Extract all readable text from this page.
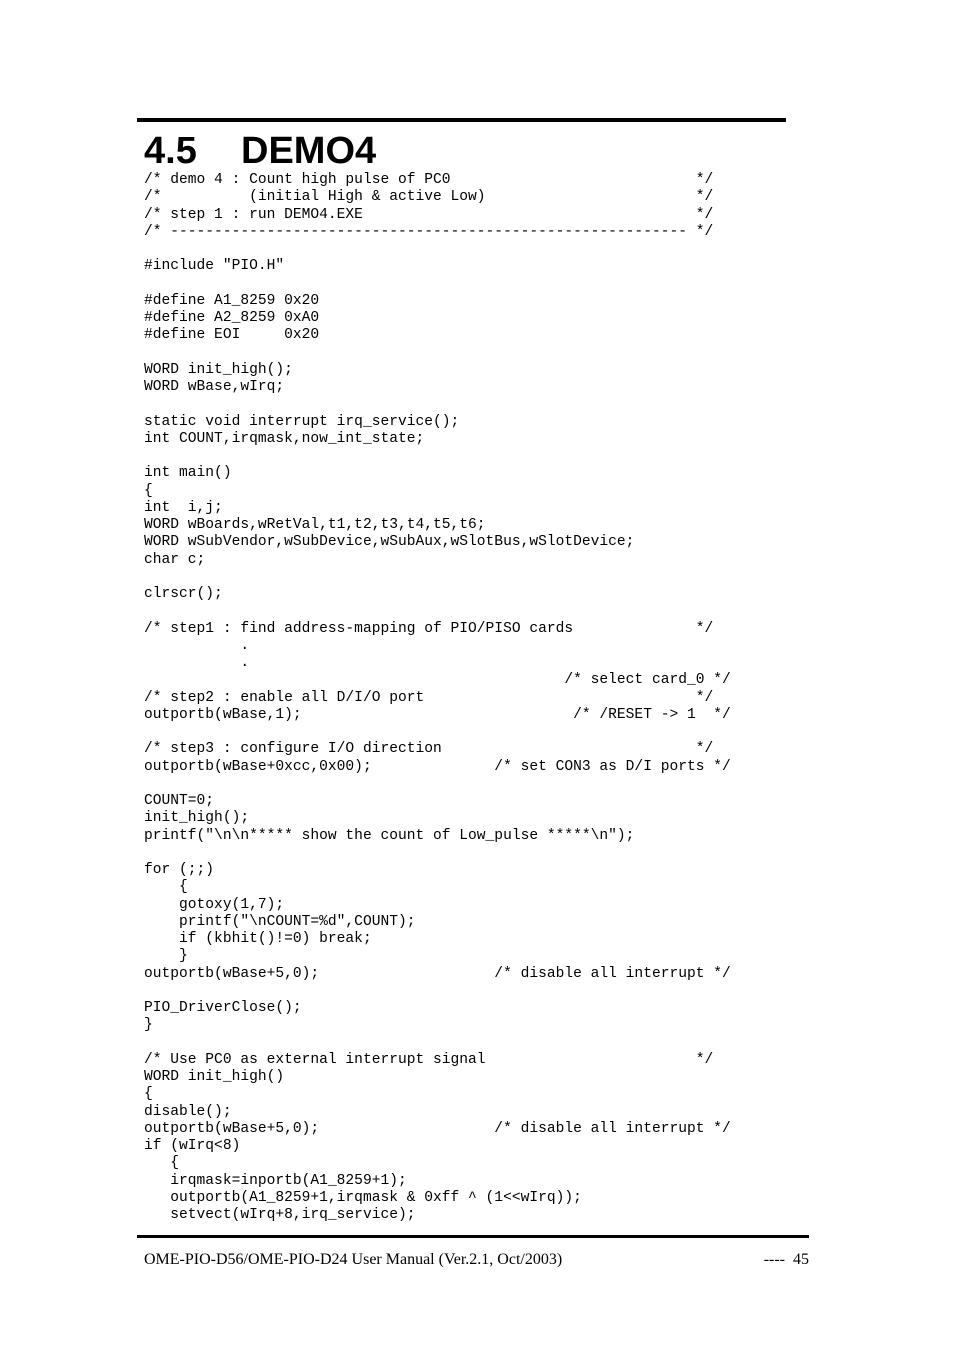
4.5 DEMO4
/* demo 4 : Count high pulse of PC0                            */
/*          (initial High & active Low)                        */
/* step 1 : run DEMO4.EXE                                      */
/* ----------------------------------------------------------- */

#include "PIO.H"

#define A1_8259 0x20
#define A2_8259 0xA0
#define EOI     0x20

WORD init_high();
WORD wBase,wIrq;

static void interrupt irq_service();
int COUNT,irqmask,now_int_state;

int main()
{
int  i,j;
WORD wBoards,wRetVal,t1,t2,t3,t4,t5,t6;
WORD wSubVendor,wSubDevice,wSubAux,wSlotBus,wSlotDevice;
char c;

clrscr();

/* step1 : find address-mapping of PIO/PISO cards              */
.
.
/* select card_0 */
/* step2 : enable all D/I/O port                               */
outportb(wBase,1);                               /* /RESET -> 1  */

/* step3 : configure I/O direction                             */
outportb(wBase+0xcc,0x00);              /* set CON3 as D/I ports */

COUNT=0;
init_high();
printf("\n\n***** show the count of Low_pulse *****\n");

for (;;)
{
gotoxy(1,7);
printf("\nCOUNT=%d",COUNT);
if (kbhit()!=0) break;
}
outportb(wBase+5,0);                    /* disable all interrupt */

PIO_DriverClose();
}

/* Use PC0 as external interrupt signal                        */
WORD init_high()
{
disable();
outportb(wBase+5,0);                    /* disable all interrupt */
if (wIrq<8)
{
irqmask=inportb(A1_8259+1);
outportb(A1_8259+1,irqmask & 0xff ^ (1<<wIrq));
setvect(wIrq+8,irq_service);
OME-PIO-D56/OME-PIO-D24 User Manual (Ver.2.1, Oct/2003)	----  45
